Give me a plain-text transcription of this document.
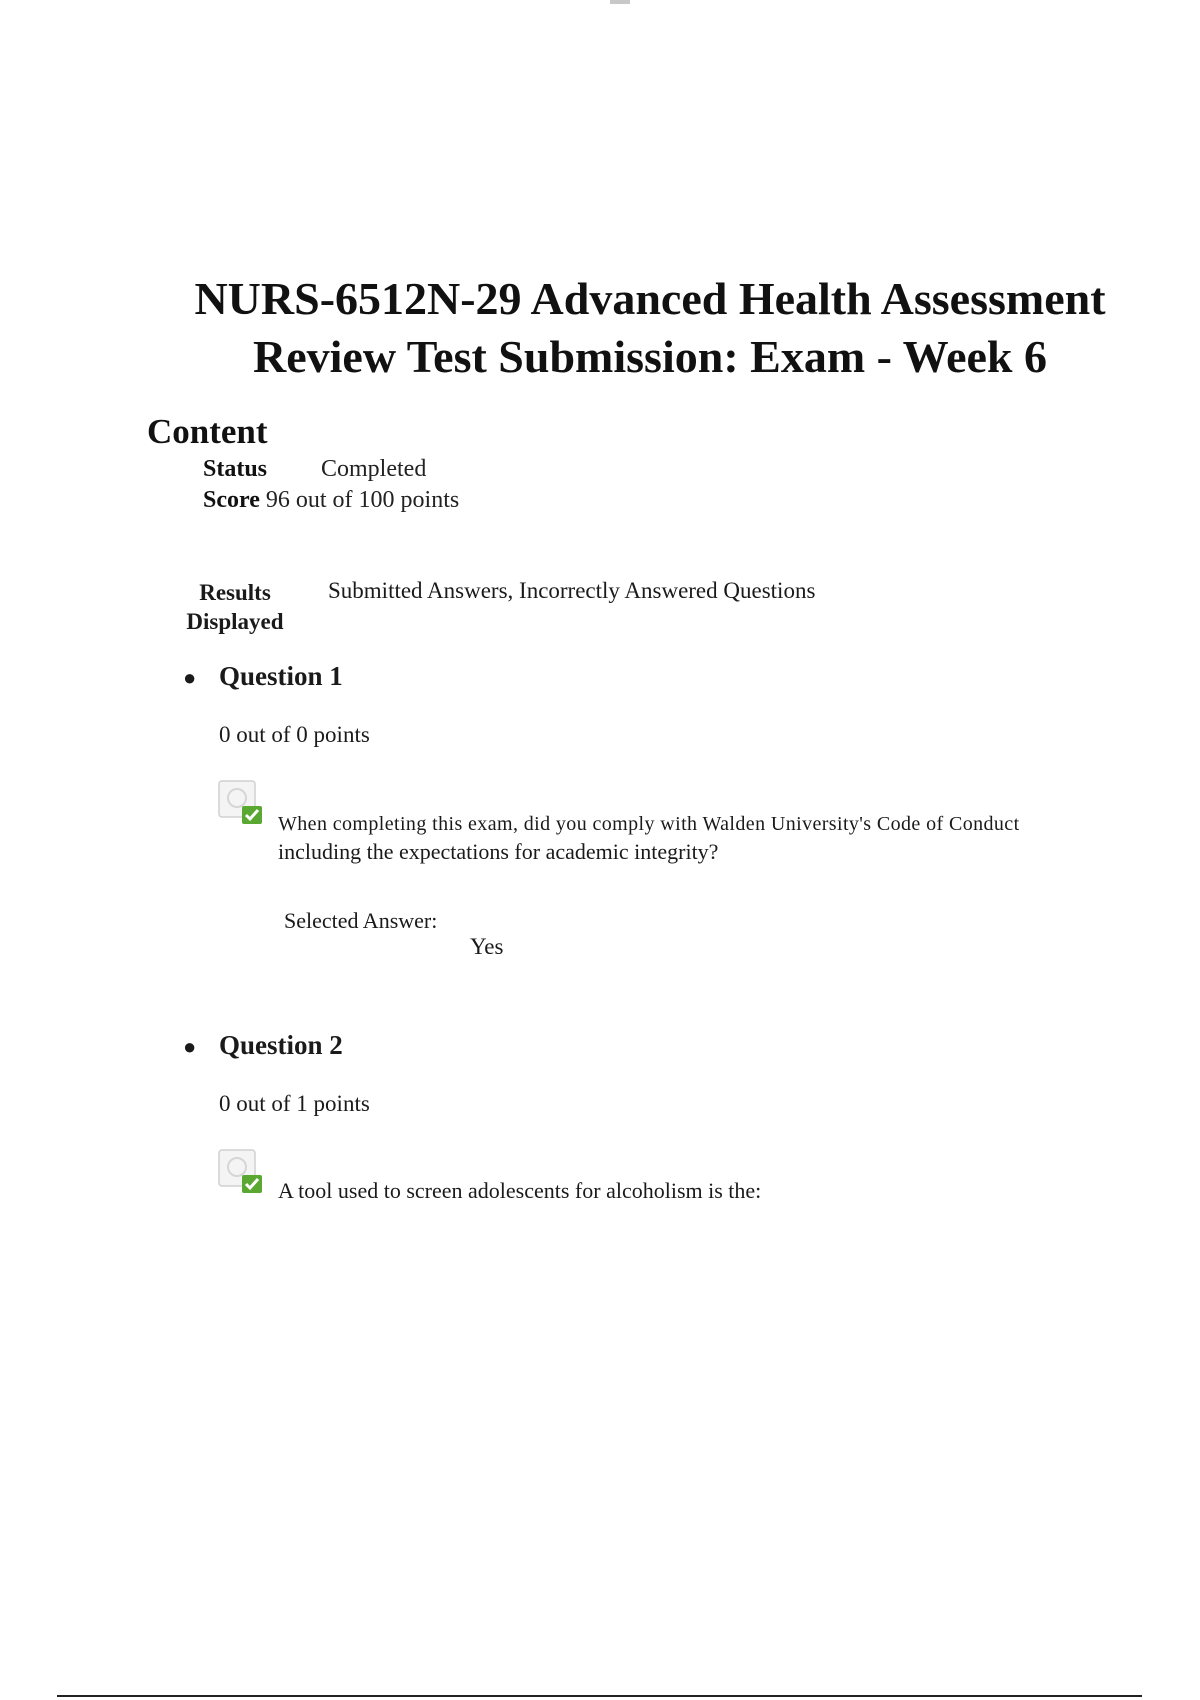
NURS-6512N-29 Advanced Health Assessment
Review Test Submission: Exam - Week 6
Content
Status Completed
Score 96 out of 100 points
Results Displayed
Submitted Answers, Incorrectly Answered Questions
● Question 1
0 out of 0 points
When completing this exam, did you comply with Walden University's Code of Conduct
including the expectations for academic integrity?
Selected Answer:
Yes
● Question 2
0 out of 1 points
A tool used to screen adolescents for alcoholism is the:
